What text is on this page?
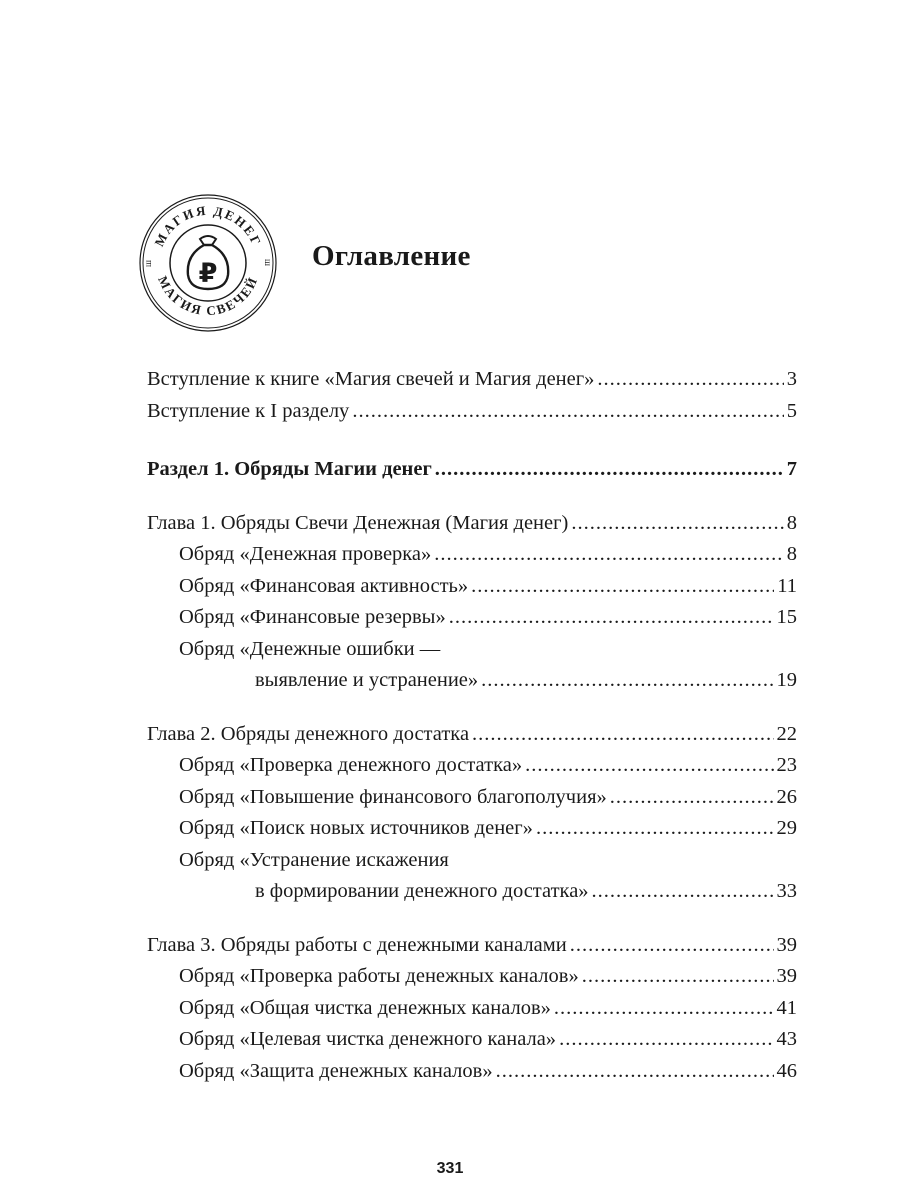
МАГИЯ ДЕНЕГ
МАГИЯ СВЕЧЕЙ
ш	ш
₽
Оглавление
Вступление к книге «Магия свечей и Магия денег» .....	3
Вступление к I разделу .....	5
Раздел 1. Обряды Магии денег .....	7
Глава 1. Обряды Свечи Денежная (Магия денег) .....	8
Обряд «Денежная проверка» .....	8
Обряд «Финансовая активность» .....	11
Обряд «Финансовые резервы» .....	15
Обряд «Денежные ошибки —
выявление и устранение» .....	19
Глава 2. Обряды денежного достатка .....	22
Обряд «Проверка денежного достатка» .....	23
Обряд «Повышение финансового благополучия» .....	26
Обряд «Поиск новых источников денег» .....	29
Обряд «Устранение искажения
в формировании денежного достатка» .....	33
Глава 3. Обряды работы с денежными каналами .....	39
Обряд «Проверка работы денежных каналов» .....	39
Обряд «Общая чистка денежных каналов» .....	41
Обряд «Целевая чистка денежного канала» .....	43
Обряд «Защита денежных каналов» .....	46
331
